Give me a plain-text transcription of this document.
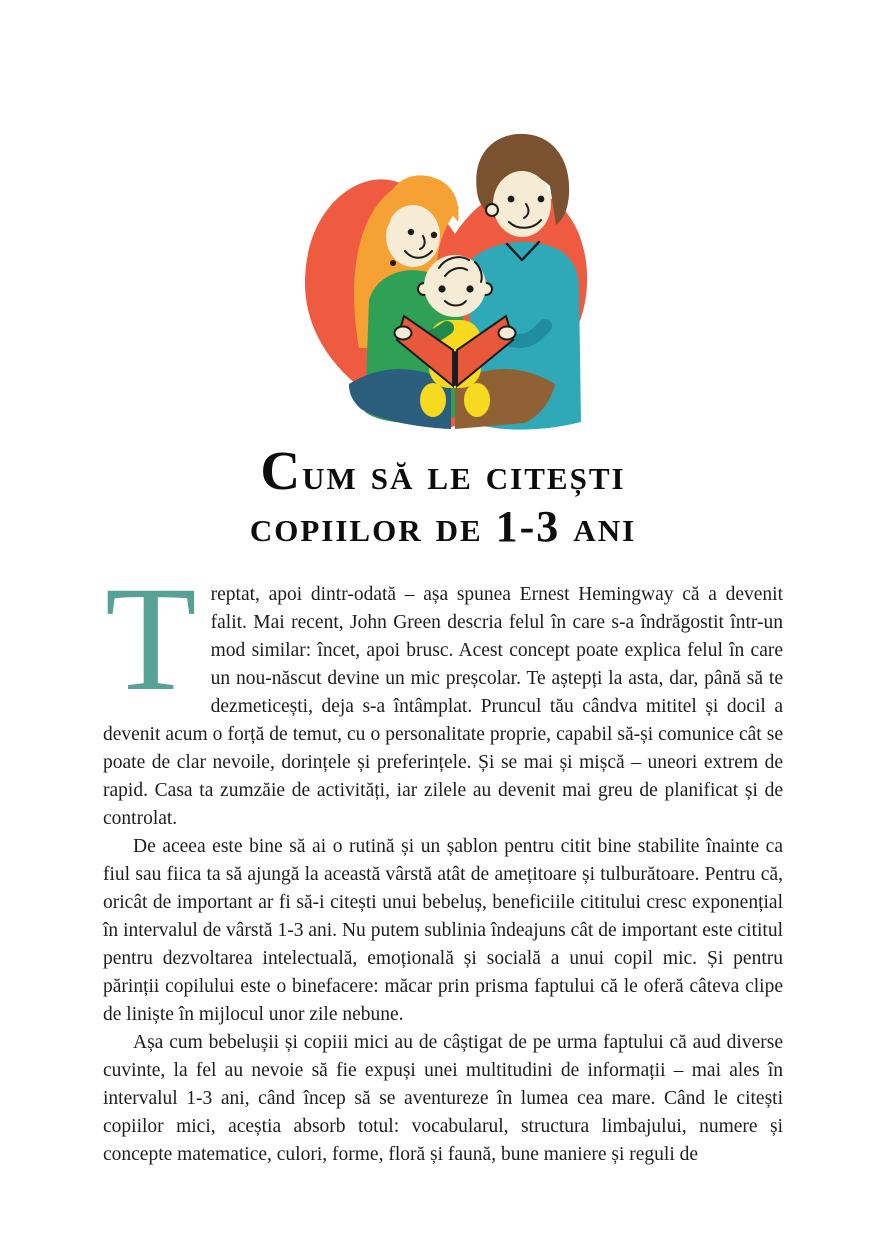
Cum să le citești
copiilor de 1-3 ani

Treptat, apoi dintr-odată – așa spunea Ernest Hemingway că a devenit falit. Mai recent, John Green descria felul în care s-a îndrăgostit într-un mod similar: încet, apoi brusc. Acest concept poate explica felul în care un nou-născut devine un mic preșcolar. Te aștepți la asta, dar, până să te dezmeticești, deja s-a întâmplat. Pruncul tău cândva mititel și docil a devenit acum o forță de temut, cu o personalitate proprie, capabil să-și comunice cât se poate de clar nevoile, dorințele și preferințele. Și se mai și mișcă – uneori extrem de rapid. Casa ta zumzăie de activități, iar zilele au devenit mai greu de planificat și de controlat.

De aceea este bine să ai o rutină și un șablon pentru citit bine stabilite înainte ca fiul sau fiica ta să ajungă la această vârstă atât de amețitoare și tulburătoare. Pentru că, oricât de important ar fi să-i citești unui bebeluș, beneficiile cititului cresc exponențial în intervalul de vârstă 1-3 ani. Nu putem sublinia îndeajuns cât de important este cititul pentru dezvoltarea intelectuală, emoțională și socială a unui copil mic. Și pentru părinții copilului este o binefacere: măcar prin prisma faptului că le oferă câteva clipe de liniște în mijlocul unor zile nebune.

Așa cum bebelușii și copiii mici au de câștigat de pe urma faptului că aud diverse cuvinte, la fel au nevoie să fie expuși unei multitudini de informații – mai ales în intervalul 1-3 ani, când încep să se aventureze în lumea cea mare. Când le citești copiilor mici, aceștia absorb totul: vocabularul, structura limbajului, numere și concepte matematice, culori, forme, floră și faună, bune maniere și reguli de
